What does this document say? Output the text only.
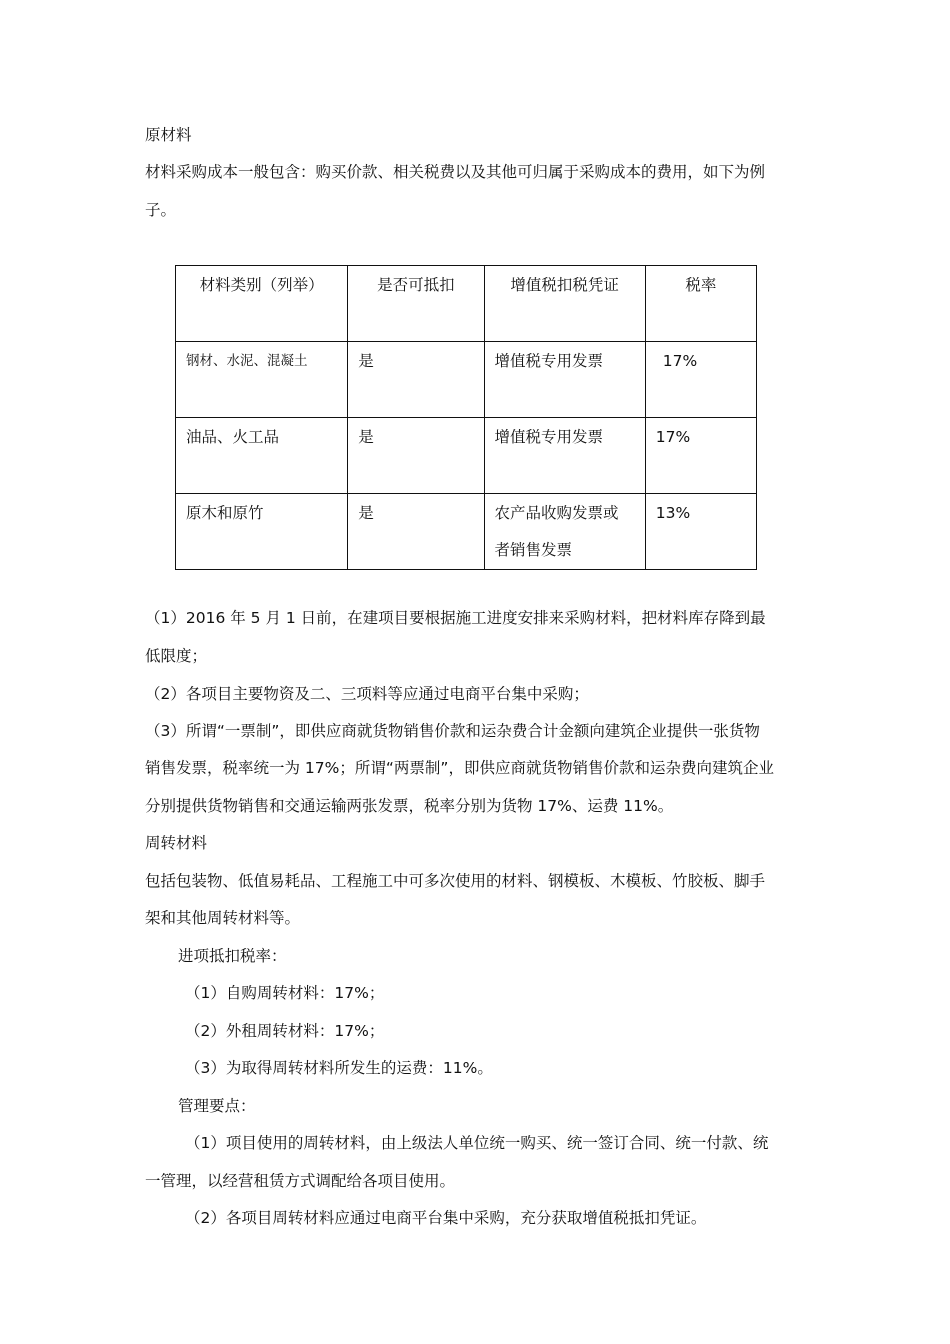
原材料
材料采购成本一般包含：购买价款、相关税费以及其他可归属于采购成本的费用，如下为例
子。
材料类别（列举）	是否可抵扣	增值税扣税凭证	税率

钢材、水泥、混凝土	是	增值税专用发票	17%

油品、火工品	是	增值税专用发票	17%

原木和原竹	是	农产品收购发票或
者销售发票	13%
（1）2016 年 5 月 1 日前，在建项目要根据施工进度安排来采购材料，把材料库存降到最
低限度；
（2）各项目主要物资及二、三项料等应通过电商平台集中采购；
（3）所谓“一票制”，即供应商就货物销售价款和运杂费合计金额向建筑企业提供一张货物
销售发票，税率统一为 17%；所谓“两票制”，即供应商就货物销售价款和运杂费向建筑企业
分别提供货物销售和交通运输两张发票，税率分别为货物 17%、运费 11%。
周转材料
包括包装物、低值易耗品、工程施工中可多次使用的材料、钢模板、木模板、竹胶板、脚手
架和其他周转材料等。
进项抵扣税率：
（1）自购周转材料：17%；
（2）外租周转材料：17%；
（3）为取得周转材料所发生的运费：11%。
管理要点：
（1）项目使用的周转材料，由上级法人单位统一购买、统一签订合同、统一付款、统
一管理，以经营租赁方式调配给各项目使用。
（2）各项目周转材料应通过电商平台集中采购，充分获取增值税抵扣凭证。
